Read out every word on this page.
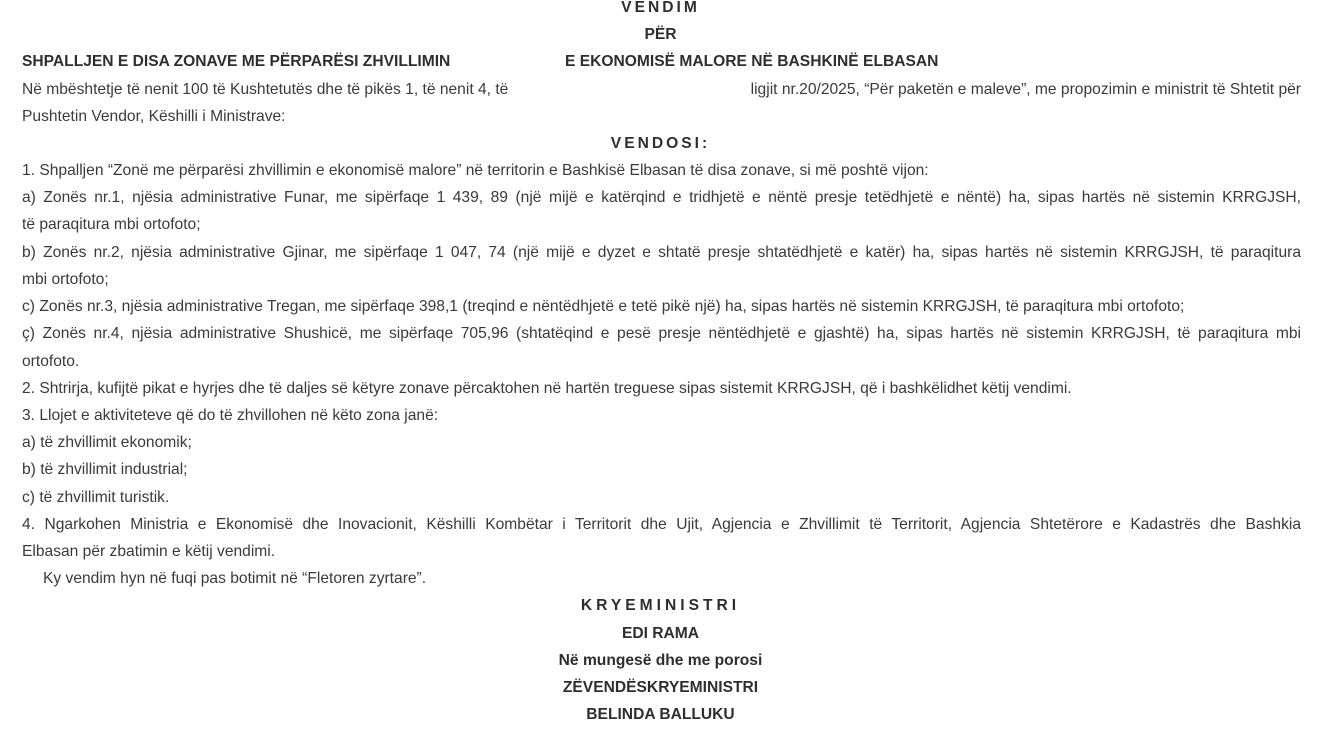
VENDIM
PËR
SHPALLJEN E DISA ZONAVE ME PËRPARËSI ZHVILLIMIN	E EKONOMISË MALORE NË BASHKINË ELBASAN
Në mbështetje të nenit 100 të Kushtetutës dhe të pikës 1, të nenit 4, të	ligjit nr.20/2025, “Për paketën e maleve”, me propozimin e ministrit të Shtetit për
Pushtetin Vendor, Këshilli i Ministrave:
VENDOSI:
1. Shpalljen “Zonë me përparësi zhvillimin e ekonomisë malore” në territorin e Bashkisë Elbasan të disa zonave, si më poshtë vijon:
a) Zonës nr.1, njësia administrative Funar, me sipërfaqe 1 439, 89 (një mijë e katërqind e tridhjetë e nëntë presje tetëdhjetë e nëntë) ha, sipas hartës në sistemin KRRGJSH,
të paraqitura mbi ortofoto;
b) Zonës nr.2, njësia administrative Gjinar, me sipërfaqe 1 047, 74 (një mijë e dyzet e shtatë presje shtatëdhjetë e katër) ha, sipas hartës në sistemin KRRGJSH, të paraqitura
mbi ortofoto;
c) Zonës nr.3, njësia administrative Tregan, me sipërfaqe 398,1 (treqind e nëntëdhjetë e tetë pikë një) ha, sipas hartës në sistemin KRRGJSH, të paraqitura mbi ortofoto;
ç) Zonës nr.4, njësia administrative Shushicë, me sipërfaqe 705,96 (shtatëqind e pesë presje nëntëdhjetë e gjashtë) ha, sipas hartës në sistemin KRRGJSH, të paraqitura mbi
ortofoto.
2. Shtrirja, kufijtë pikat e hyrjes dhe të daljes së këtyre zonave përcaktohen në hartën treguese sipas sistemit KRRGJSH, që i bashkëlidhet këtij vendimi.
3. Llojet e aktiviteteve që do të zhvillohen në këto zona janë:
a) të zhvillimit ekonomik;
b) të zhvillimit industrial;
c) të zhvillimit turistik.
4. Ngarkohen Ministria e Ekonomisë dhe Inovacionit, Këshilli Kombëtar i Territorit dhe Ujit, Agjencia e Zhvillimit të Territorit, Agjencia Shtetërore e Kadastrës dhe Bashkia
Elbasan për zbatimin e këtij vendimi.
Ky vendim hyn në fuqi pas botimit në “Fletoren zyrtare”.
KRYEMINISTRI
EDI RAMA
Në mungesë dhe me porosi
ZËVENDËSKRYEMINISTRI
BELINDA BALLUKU
